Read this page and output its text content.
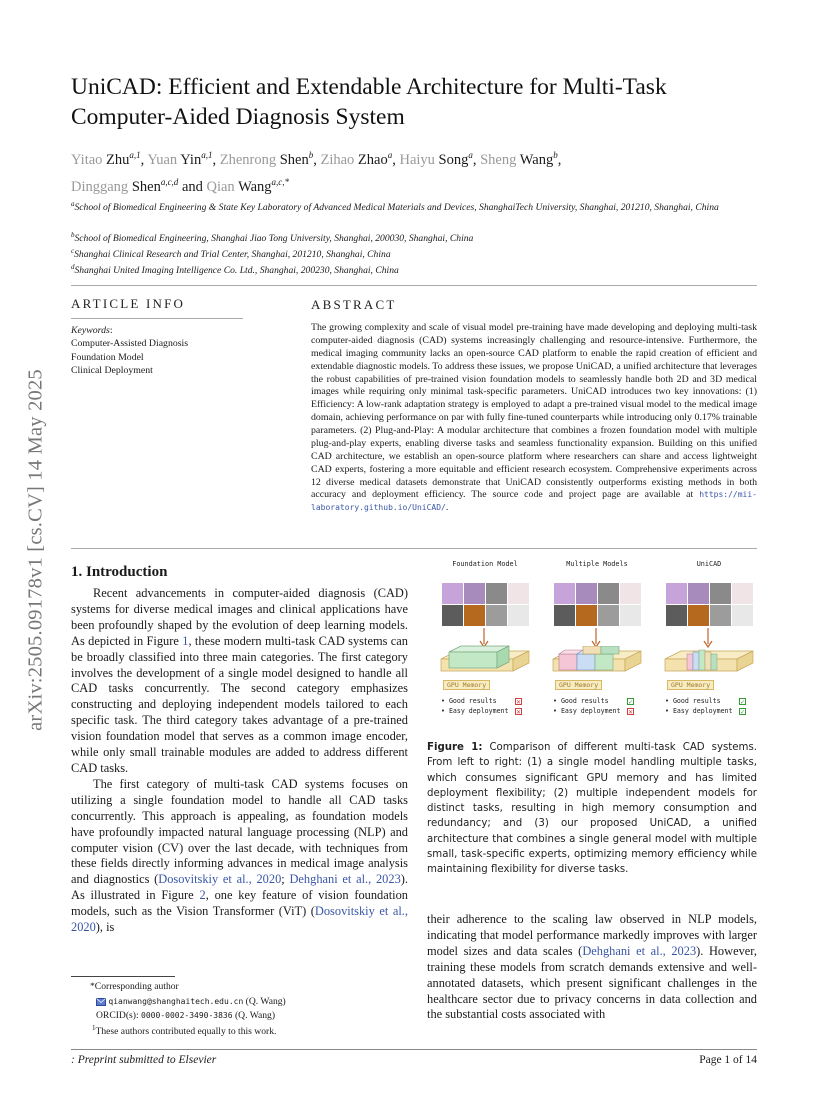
arXiv:2505.09178v1 [cs.CV] 14 May 2025
UniCAD: Efficient and Extendable Architecture for Multi-Task Computer-Aided Diagnosis System
Yitao Zhu$^{a,1}$, Yuan Yin$^{a,1}$, Zhenrong Shen$^b$, Zihao Zhao$^a$, Haiyu Song$^a$, Sheng Wang$^b$,
Dinggang Shen$^{a,c,d}$ and Qian Wang$^{a,c,*}$
$^a$School of Biomedical Engineering & State Key Laboratory of Advanced Medical Materials and Devices, ShanghaiTech University, Shanghai, 201210, Shanghai, China
$^b$School of Biomedical Engineering, Shanghai Jiao Tong University, Shanghai, 200030, Shanghai, China
$^c$Shanghai Clinical Research and Trial Center, Shanghai, 201210, Shanghai, China
$^d$Shanghai United Imaging Intelligence Co. Ltd., Shanghai, 200230, Shanghai, China
ARTICLE INFO
Keywords:
Computer-Assisted Diagnosis
Foundation Model
Clinical Deployment
ABSTRACT
The growing complexity and scale of visual model pre-training have made developing and deploying multi-task computer-aided diagnosis (CAD) systems increasingly challenging and resource-intensive. Furthermore, the medical imaging community lacks an open-source CAD platform to enable the rapid creation of efficient and extendable diagnostic models. To address these issues, we propose UniCAD, a unified architecture that leverages the robust capabilities of pre-trained vision foundation models to seamlessly handle both 2D and 3D medical images while requiring only minimal task-specific parameters. UniCAD introduces two key innovations: (1) Efficiency: A low-rank adaptation strategy is employed to adapt a pre-trained visual model to the medical image domain, achieving performance on par with fully fine-tuned counterparts while introducing only 0.17% trainable parameters. (2) Plug-and-Play: A modular architecture that combines a frozen foundation model with multiple plug-and-play experts, enabling diverse tasks and seamless functionality expansion. Building on this unified CAD architecture, we establish an open-source platform where researchers can share and access lightweight CAD experts, fostering a more equitable and efficient research ecosystem. Comprehensive experiments across 12 diverse medical datasets demonstrate that UniCAD consistently outperforms existing methods in both accuracy and deployment efficiency. The source code and project page are available at https://mii-laboratory.github.io/UniCAD/.
1. Introduction

Recent advancements in computer-aided diagnosis (CAD) systems for diverse medical images and clinical applications have been profoundly shaped by the evolution of deep learning models. As depicted in Figure 1, these modern multi-task CAD systems can be broadly classified into three main categories. The first category involves the development of a single model designed to handle all CAD tasks concurrently. The second category emphasizes constructing and deploying independent models tailored to each specific task. The third category takes advantage of a pre-trained vision foundation model that serves as a common image encoder, while only small trainable modules are added to address different CAD tasks.

The first category of multi-task CAD systems focuses on utilizing a single foundation model to handle all CAD tasks concurrently. This approach is appealing, as foundation models have profoundly impacted natural language processing (NLP) and computer vision (CV) over the last decade, with techniques from these fields directly informing advances in medical image analysis and diagnostics (Dosovitskiy et al., 2020; Dehghani et al., 2023). As illustrated in Figure 2, one key feature of vision foundation models, such as the Vision Transformer (ViT) (Dosovitskiy et al., 2020), is

*Corresponding author
qianwang@shanghaitech.edu.cn (Q. Wang)
ORCID(s): 0000-0002-3490-3836 (Q. Wang)
$^1$These authors contributed equally to this work.
Foundation Model
GPU Memory
• Good results
• Easy deployment
✕
✕
Multiple Models
GPU Memory
• Good results
• Easy deployment
✓
✕
UniCAD
GPU Memory
• Good results
• Easy deployment
✓
✓
Figure 1: Comparison of different multi-task CAD systems. From left to right: (1) a single model handling multiple tasks, which consumes significant GPU memory and has limited deployment flexibility; (2) multiple independent models for distinct tasks, resulting in high memory consumption and redundancy; and (3) our proposed UniCAD, a unified architecture that combines a single general model with multiple small, task-specific experts, optimizing memory efficiency while maintaining flexibility for diverse tasks.

their adherence to the scaling law observed in NLP models, indicating that model performance markedly improves with larger model sizes and data scales (Dehghani et al., 2023). However, training these models from scratch demands extensive and well-annotated datasets, which present significant challenges in the healthcare sector due to privacy concerns in data collection and the substantial costs associated with

: Preprint submitted to Elsevier	Page 1 of 14
